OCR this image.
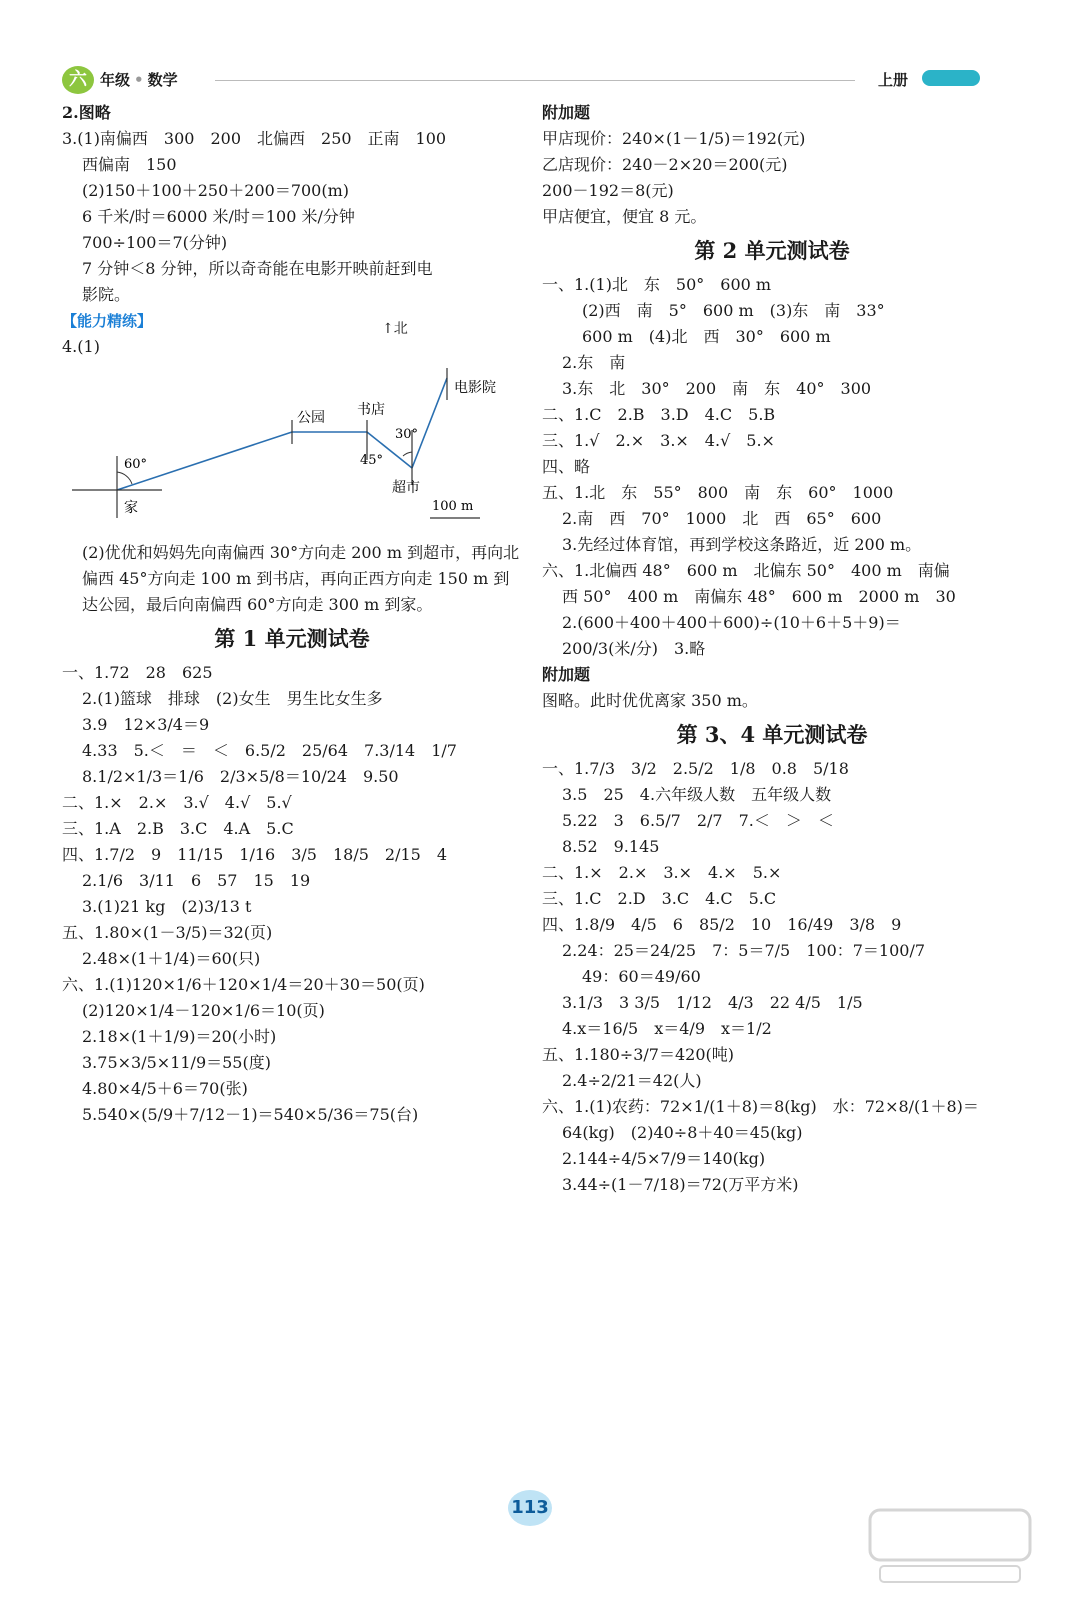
六 年级 • 数学	上册
2.图略
3.(1)南偏西　300　200　北偏西　250　正南　100
西偏南　150
(2)150＋100＋250＋200＝700(m)
6 千米/时＝6000 米/时＝100 米/分钟
700÷100＝7(分钟)
7 分钟＜8 分钟，所以奇奇能在电影开映前赶到电
影院。
【能力精练】
4.(1)
60°
家
公园 书店
30°
45°
超市
100 m
电影院
↑北
(2)优优和妈妈先向南偏西 30°方向走 200 m 到超市，再向北偏西 45°方向走 100 m 到书店，再向正西方向走 150 m 到达公园，最后向南偏西 60°方向走 300 m 到家。
第 1 单元测试卷
一、1.72　28　625
2.(1)篮球　排球　(2)女生　男生比女生多
3.9　12×3/4＝9
4.33　5.＜　＝　＜　6.5/2　25/64　7.3/14　1/7
8.1/2×1/3＝1/6　2/3×5/8＝10/24　9.50
二、1.×　2.×　3.√　4.√　5.√
三、1.A　2.B　3.C　4.A　5.C
四、1.7/2　9　11/15　1/16　3/5　18/5　2/15　4
2.1/6　3/11　6　57　15　19
3.(1)21 kg　(2)3/13 t
五、1.80×(1－3/5)＝32(页)
2.48×(1＋1/4)＝60(只)
六、1.(1)120×1/6＋120×1/4＝20＋30＝50(页)
(2)120×1/4－120×1/6＝10(页)
2.18×(1＋1/9)＝20(小时)
3.75×3/5×11/9＝55(度)
4.80×4/5＋6＝70(张)
5.540×(5/9＋7/12－1)＝540×5/36＝75(台)
附加题
甲店现价：240×(1－1/5)＝192(元)
乙店现价：240－2×20＝200(元)
200－192＝8(元)
甲店便宜，便宜 8 元。
第 2 单元测试卷
一、1.(1)北　东　50°　600 m
(2)西　南　5°　600 m　(3)东　南　33°
600 m　(4)北　西　30°　600 m
2.东　南
3.东　北　30°　200　南　东　40°　300
二、1.C　2.B　3.D　4.C　5.B
三、1.√　2.×　3.×　4.√　5.×
四、略
五、1.北　东　55°　800　南　东　60°　1000
2.南　西　70°　1000　北　西　65°　600
3.先经过体育馆，再到学校这条路近，近 200 m。
六、1.北偏西 48°　600 m　北偏东 50°　400 m　南偏
西 50°　400 m　南偏东 48°　600 m　2000 m　30
2.(600＋400＋400＋600)÷(10＋6＋5＋9)＝
200/3(米/分)　3.略
附加题
图略。此时优优离家 350 m。
第 3、4 单元测试卷
一、1.7/3　3/2　2.5/2　1/8　0.8　5/18
3.5　25　4.六年级人数　五年级人数
5.22　3　6.5/7　2/7　7.＜　＞　＜
8.52　9.145
二、1.×　2.×　3.×　4.×　5.×
三、1.C　2.D　3.C　4.C　5.C
四、1.8/9　4/5　6　85/2　10　16/49　3/8　9
2.24：25＝24/25　7：5＝7/5　100：7＝100/7
49：60＝49/60
3.1/3　3 3/5　1/12　4/3　22 4/5　1/5
4.x＝16/5　x＝4/9　x＝1/2
五、1.180÷3/7＝420(吨)
2.4÷2/21＝42(人)
六、1.(1)农药：72×1/(1＋8)＝8(kg)　水：72×8/(1＋8)＝
64(kg)　(2)40÷8＋40＝45(kg)
2.144÷4/5×7/9＝140(kg)
3.44÷(1－7/18)＝72(万平方米)
113
